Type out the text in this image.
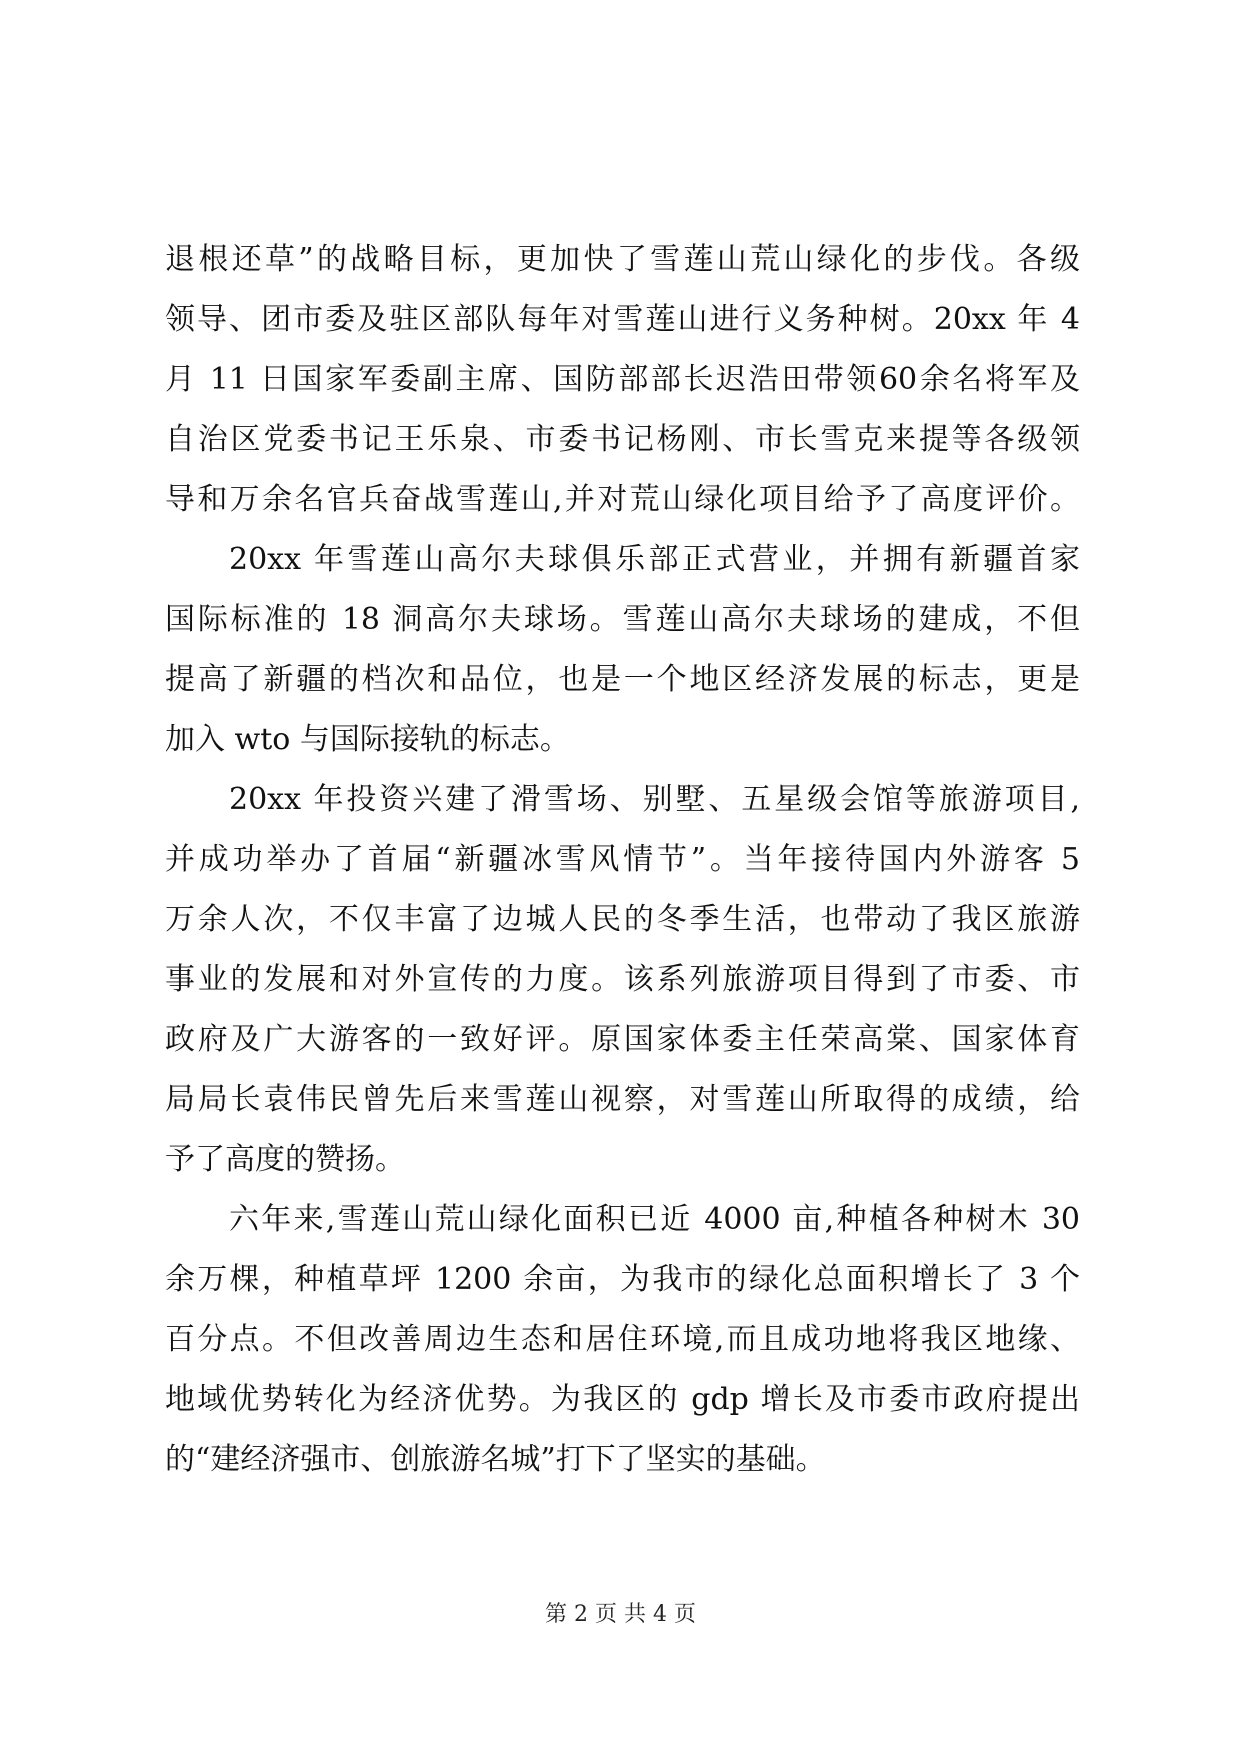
退根还草”的战略目标，更加快了雪莲山荒山绿化的步伐。各级
领导、团市委及驻区部队每年对雪莲山进行义务种树。20xx 年 4
月 11 日国家军委副主席、国防部部长迟浩田带领60余名将军及
自治区党委书记王乐泉、市委书记杨刚、市长雪克来提等各级领
导和万余名官兵奋战雪莲山,并对荒山绿化项目给予了高度评价。
20xx 年雪莲山高尔夫球俱乐部正式营业，并拥有新疆首家
国际标准的 18 洞高尔夫球场。雪莲山高尔夫球场的建成，不但
提高了新疆的档次和品位，也是一个地区经济发展的标志，更是
加入 wto 与国际接轨的标志。
20xx 年投资兴建了滑雪场、别墅、五星级会馆等旅游项目,
并成功举办了首届“新疆冰雪风情节”。当年接待国内外游客 5
万余人次，不仅丰富了边城人民的冬季生活，也带动了我区旅游
事业的发展和对外宣传的力度。该系列旅游项目得到了市委、市
政府及广大游客的一致好评。原国家体委主任荣高棠、国家体育
局局长袁伟民曾先后来雪莲山视察，对雪莲山所取得的成绩，给
予了高度的赞扬。
六年来,雪莲山荒山绿化面积已近 4000 亩,种植各种树木 30
余万棵，种植草坪 1200 余亩，为我市的绿化总面积增长了 3 个
百分点。不但改善周边生态和居住环境,而且成功地将我区地缘、
地域优势转化为经济优势。为我区的 gdp 增长及市委市政府提出
的“建经济强市、创旅游名城”打下了坚实的基础。
第 2 页 共 4 页
